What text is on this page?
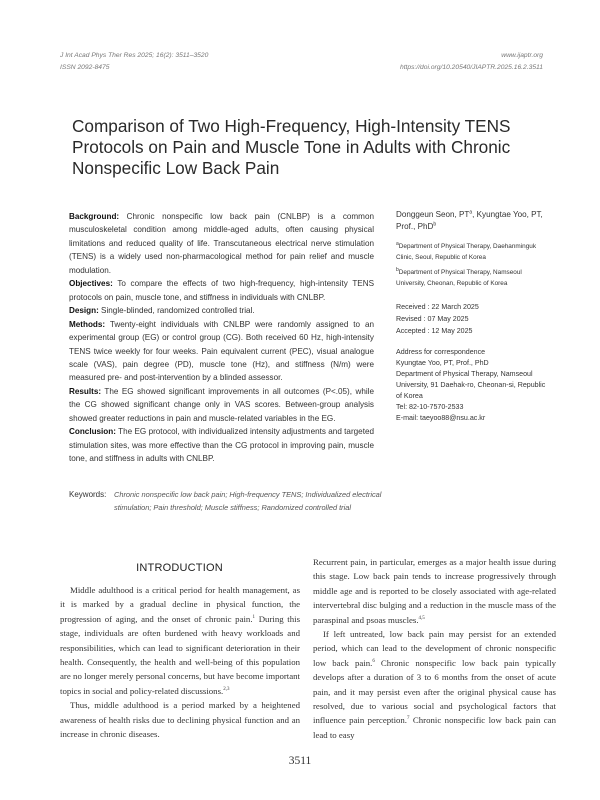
J Int Acad Phys Ther Res 2025; 16(2): 3511–3520
ISSN 2092-8475
www.ijaptr.org
https://doi.org/10.20540/JIAPTR.2025.16.2.3511
Comparison of Two High-Frequency, High-Intensity TENS Protocols on Pain and Muscle Tone in Adults with Chronic Nonspecific Low Back Pain

Background: Chronic nonspecific low back pain (CNLBP) is a common musculoskeletal condition among middle-aged adults, often causing physical limitations and reduced quality of life. Transcutaneous electrical nerve stimulation (TENS) is a widely used non-pharmacological method for pain relief and muscle modulation.

Objectives: To compare the effects of two high-frequency, high-intensity TENS protocols on pain, muscle tone, and stiffness in individuals with CNLBP.

Design: Single-blinded, randomized controlled trial.

Methods: Twenty-eight individuals with CNLBP were randomly assigned to an experimental group (EG) or control group (CG). Both received 60 Hz, high-intensity TENS twice weekly for four weeks. Pain equivalent current (PEC), visual analogue scale (VAS), pain degree (PD), muscle tone (Hz), and stiffness (N/m) were measured pre- and post-intervention by a blinded assessor.

Results: The EG showed significant improvements in all outcomes (P<.05), while the CG showed significant change only in VAS scores. Between-group analysis showed greater reductions in pain and muscle-related variables in the EG.

Conclusion: The EG protocol, with individualized intensity adjustments and targeted stimulation sites, was more effective than the CG protocol in improving pain, muscle tone, and stiffness in adults with CNLBP.

Donggeun Seon, $PT^a$, Kyungtae Yoo, PT, Prof., PhD$^b$

$^a$Department of Physical Therapy, Daehanminguk Clinic, Seoul, Republic of Korea

$^b$Department of Physical Therapy, Namseoul University, Cheonan, Republic of Korea

Received : 22 March 2025
Revised : 07 May 2025
Accepted : 12 May 2025
Address for correspondence
Kyungtae Yoo, PT, Prof., PhD
Department of Physical Therapy, Namseoul University, 91 Daehak-ro, Cheonan-si, Republic of Korea
Tel: 82-10-7570-2533
E-mail: taeyoo88@nsu.ac.kr
Keywords:	Chronic nonspecific low back pain; High-frequency TENS; Individualized electrical stimulation; Pain threshold; Muscle stiffness; Randomized controlled trial
INTRODUCTION

Middle adulthood is a critical period for health management, as it is marked by a gradual decline in physical function, the progression of aging, and the onset of chronic pain.$^1$ During this stage, individuals are often burdened with heavy workloads and responsibilities, which can lead to significant deterioration in their health. Consequently, the health and well-being of this population are no longer merely personal concerns, but have become important topics in social and policy-related discussions.$^{2,3}$

Thus, middle adulthood is a period marked by a heightened awareness of health risks due to declining physical function and an increase in chronic diseases.

Recurrent pain, in particular, emerges as a major health issue during this stage. Low back pain tends to increase progressively through middle age and is reported to be closely associated with age-related intervertebral disc bulging and a reduction in the muscle mass of the paraspinal and psoas muscles.$^{4,5}$

If left untreated, low back pain may persist for an extended period, which can lead to the development of chronic nonspecific low back pain.$^6$ Chronic nonspecific low back pain typically develops after a duration of 3 to 6 months from the onset of acute pain, and it may persist even after the original physical cause has resolved, due to various social and psychological factors that influence pain perception.$^7$ Chronic nonspecific low back pain can lead to easy

3511
